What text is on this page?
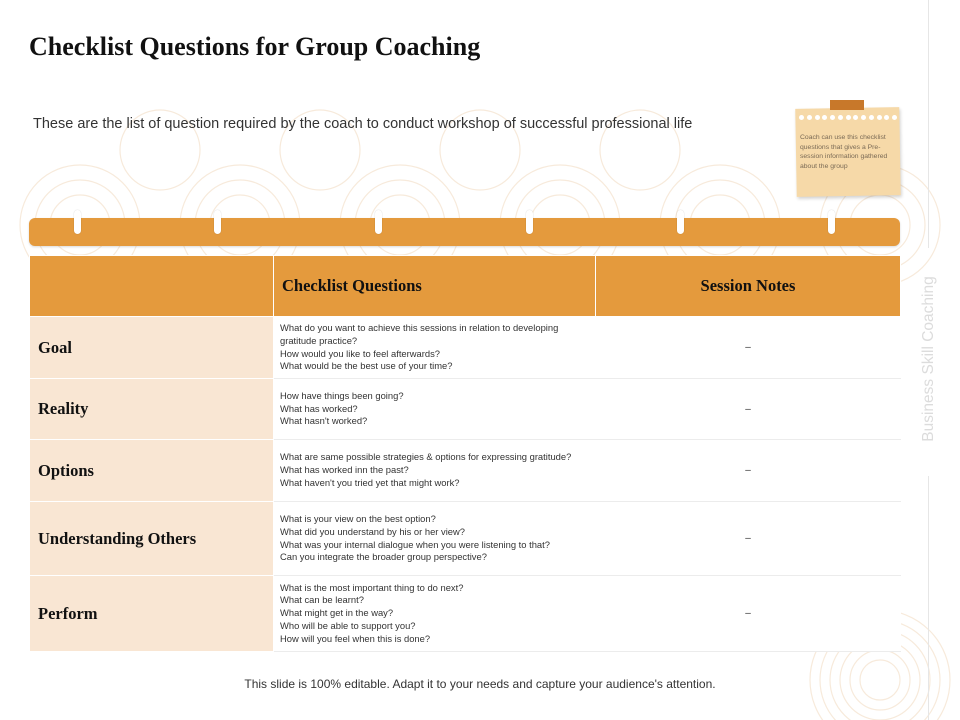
Checklist Questions for Group Coaching
These are the list of question required by the coach to conduct workshop of successful professional life
Coach can use this checklist questions that gives a Pre-session information gathered about the group
	Checklist Questions	Session Notes
Goal	What do you want to achieve this sessions in relation to developing gratitude practice?
How would you like to feel afterwards?
What would be the best use of your time?	–
Reality	How have things been going?
What has worked?
What hasn't worked?	–
Options	What are same possible strategies & options for expressing gratitude?
What has worked inn the past?
What haven't you tried yet that might work?	–
Understanding Others	What is your view on the best option?
What did you understand by his or her view?
What was your internal dialogue when you were listening to that?
Can you integrate the broader group perspective?	–
Perform	What is the most important thing to do next?
What can be learnt?
What might get in the way?
Who will be able to support you?
How will you feel when this is done?	–
Business Skill Coaching
This slide is 100% editable. Adapt it to your needs and capture your audience's attention.
